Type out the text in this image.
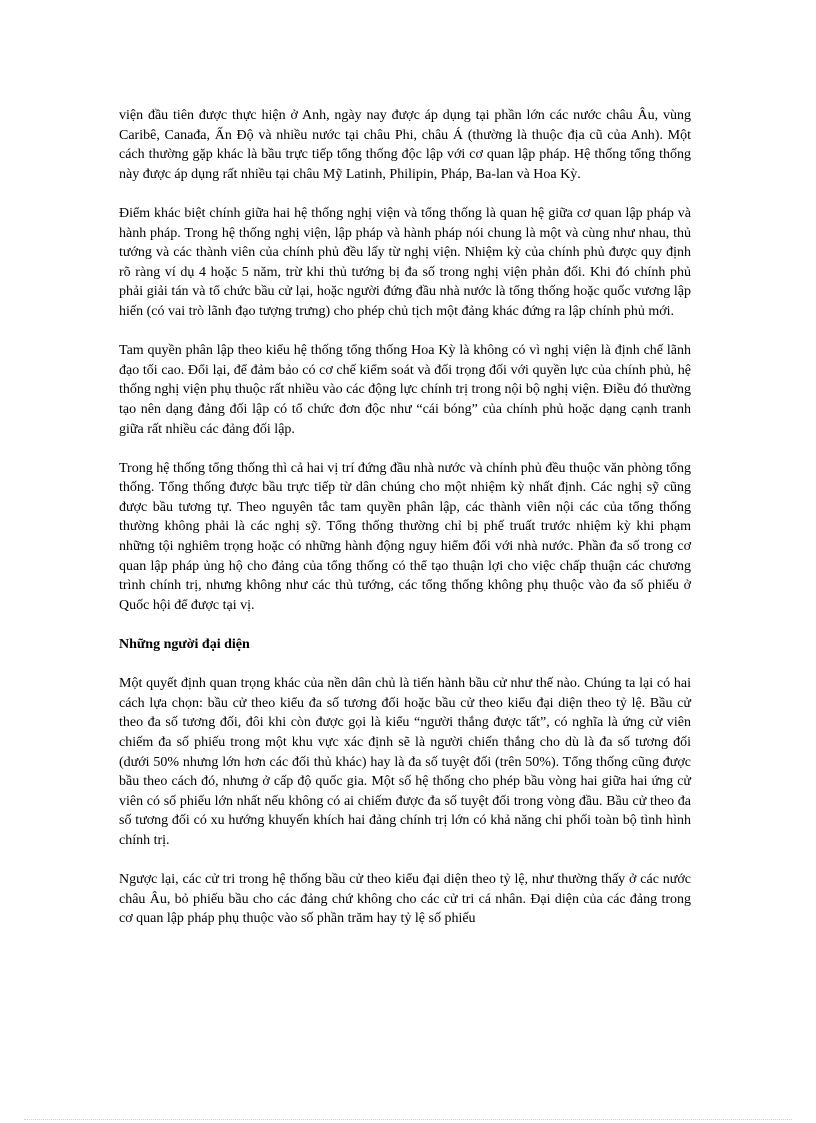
viện đầu tiên được thực hiện ở Anh, ngày nay được áp dụng tại phần lớn các nước châu Âu, vùng Caribê, Canađa, Ấn Độ và nhiều nước tại châu Phi, châu Á (thường là thuộc địa cũ của Anh). Một cách thường gặp khác là bầu trực tiếp tổng thống độc lập với cơ quan lập pháp. Hệ thống tổng thống này được áp dụng rất nhiều tại châu Mỹ Latinh, Philipin, Pháp, Ba-lan và Hoa Kỳ.

Điểm khác biệt chính giữa hai hệ thống nghị viện và tổng thống là quan hệ giữa cơ quan lập pháp và hành pháp. Trong hệ thống nghị viện, lập pháp và hành pháp nói chung là một và cùng như nhau, thủ tướng và các thành viên của chính phủ đều lấy từ nghị viện. Nhiệm kỳ của chính phủ được quy định rõ ràng ví dụ 4 hoặc 5 năm, trừ khi thủ tướng bị đa số trong nghị viện phản đối. Khi đó chính phủ phải giải tán và tổ chức bầu cử lại, hoặc người đứng đầu nhà nước là tổng thống hoặc quốc vương lập hiến (có vai trò lãnh đạo tượng trưng) cho phép chủ tịch một đảng khác đứng ra lập chính phủ mới.

Tam quyền phân lập theo kiểu hệ thống tổng thống Hoa Kỳ là không có vì nghị viện là định chế lãnh đạo tối cao. Đổi lại, để đảm bảo có cơ chế kiểm soát và đối trọng đối với quyền lực của chính phủ, hệ thống nghị viện phụ thuộc rất nhiều vào các động lực chính trị trong nội bộ nghị viện. Điều đó thường tạo nên dạng đảng đối lập có tổ chức đơn độc như “cái bóng” của chính phủ hoặc dạng cạnh tranh giữa rất nhiều các đảng đối lập.

Trong hệ thống tổng thống thì cả hai vị trí đứng đầu nhà nước và chính phủ đều thuộc văn phòng tổng thống. Tổng thống được bầu trực tiếp từ dân chúng cho một nhiệm kỳ nhất định. Các nghị sỹ cũng được bầu tương tự. Theo nguyên tắc tam quyền phân lập, các thành viên nội các của tổng thống thường không phải là các nghị sỹ. Tổng thống thường chỉ bị phế truất trước nhiệm kỳ khi phạm những tội nghiêm trọng hoặc có những hành động nguy hiểm đối với nhà nước. Phần đa số trong cơ quan lập pháp ủng hộ cho đảng của tổng thống có thể tạo thuận lợi cho việc chấp thuận các chương trình chính trị, nhưng không như các thủ tướng, các tổng thống không phụ thuộc vào đa số phiếu ở Quốc hội để được tại vị.

Những người đại diện

Một quyết định quan trọng khác của nền dân chủ là tiến hành bầu cử như thế nào. Chúng ta lại có hai cách lựa chọn: bầu cử theo kiểu đa số tương đối hoặc bầu cử theo kiểu đại diện theo tỷ lệ. Bầu cử theo đa số tương đối, đôi khi còn được gọi là kiểu “người thắng được tất”, có nghĩa là ứng cử viên chiếm đa số phiếu trong một khu vực xác định sẽ là người chiến thắng cho dù là đa số tương đối (dưới 50% nhưng lớn hơn các đối thủ khác) hay là đa số tuyệt đối (trên 50%). Tổng thống cũng được bầu theo cách đó, nhưng ở cấp độ quốc gia. Một số hệ thống cho phép bầu vòng hai giữa hai ứng cử viên có số phiếu lớn nhất nếu không có ai chiếm được đa số tuyệt đối trong vòng đầu. Bầu cử theo đa số tương đối có xu hướng khuyến khích hai đảng chính trị lớn có khả năng chi phối toàn bộ tình hình chính trị.

Ngược lại, các cử tri trong hệ thống bầu cử theo kiểu đại diện theo tỷ lệ, như thường thấy ở các nước châu Âu, bỏ phiếu bầu cho các đảng chứ không cho các cử tri cá nhân. Đại diện của các đảng trong cơ quan lập pháp phụ thuộc vào số phần trăm hay tỷ lệ số phiếu
